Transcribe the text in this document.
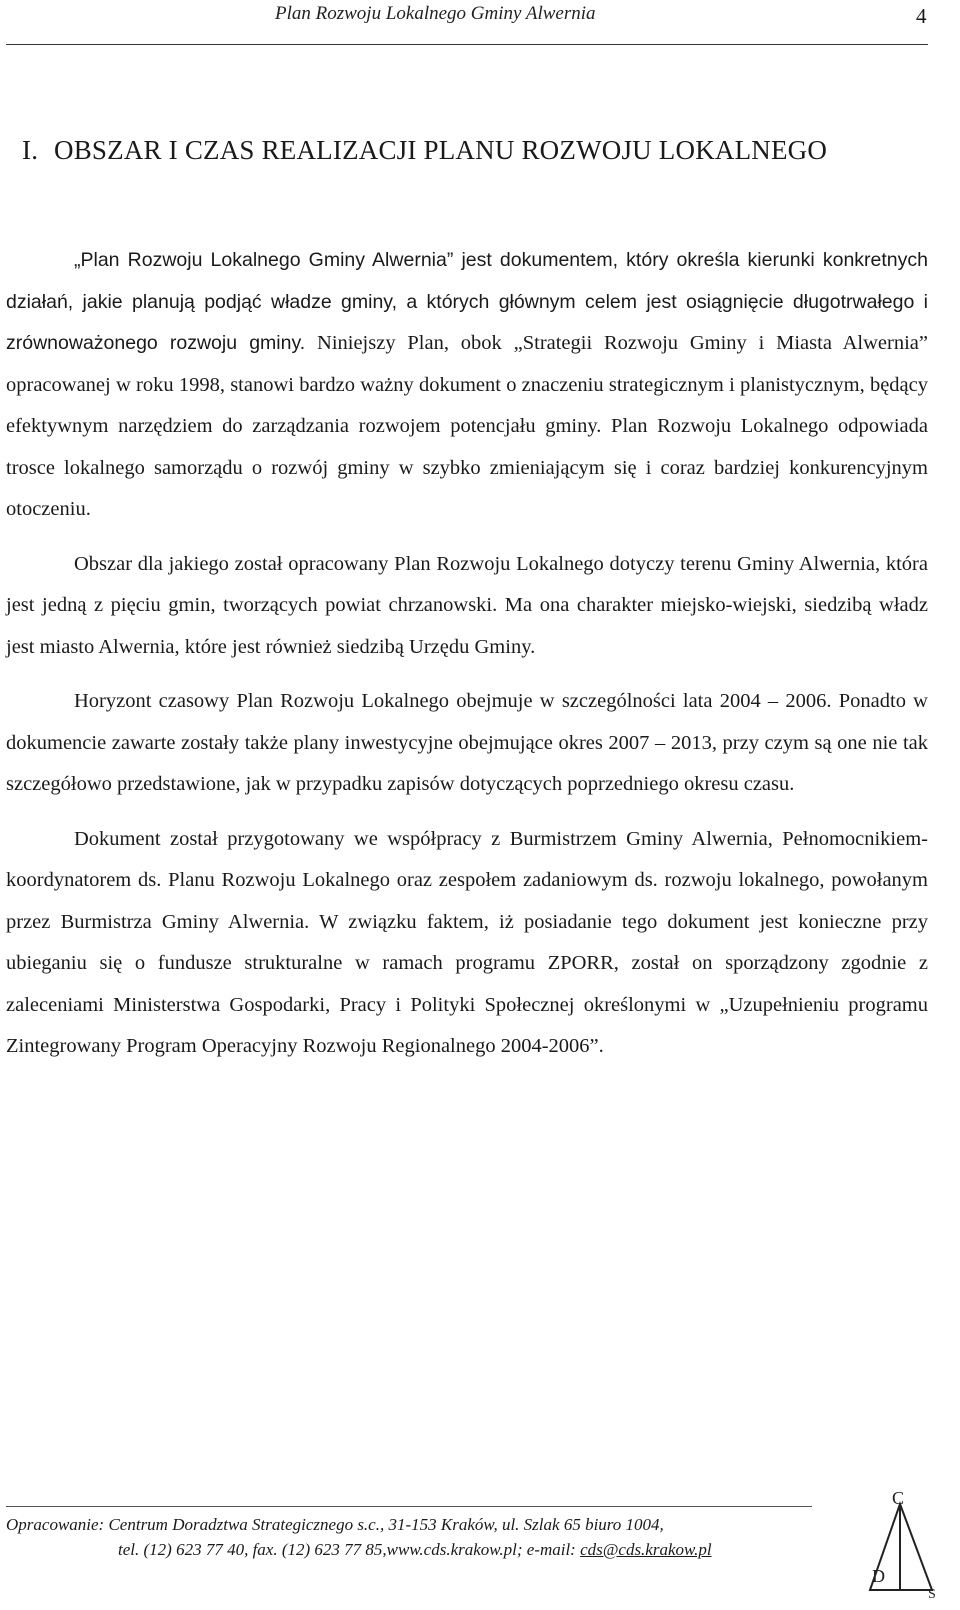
Plan Rozwoju Lokalnego Gminy Alwernia	4
I. OBSZAR I CZAS REALIZACJI PLANU ROZWOJU LOKALNEGO

„Plan Rozwoju Lokalnego Gminy Alwernia” jest dokumentem, który określa kierunki konkretnych działań, jakie planują podjąć władze gminy, a których głównym celem jest osiągnięcie długotrwałego i zrównoważonego rozwoju gminy. Niniejszy Plan, obok „Strategii Rozwoju Gminy i Miasta Alwernia” opracowanej w roku 1998, stanowi bardzo ważny dokument o znaczeniu strategicznym i planistycznym, będący efektywnym narzędziem do zarządzania rozwojem potencjału gminy. Plan Rozwoju Lokalnego odpowiada trosce lokalnego samorządu o rozwój gminy w szybko zmieniającym się i coraz bardziej konkurencyjnym otoczeniu.

Obszar dla jakiego został opracowany Plan Rozwoju Lokalnego dotyczy terenu Gminy Alwernia, która jest jedną z pięciu gmin, tworzących powiat chrzanowski. Ma ona charakter miejsko-wiejski, siedzibą władz jest miasto Alwernia, które jest również siedzibą Urzędu Gminy.

Horyzont czasowy Plan Rozwoju Lokalnego obejmuje w szczególności lata 2004 – 2006. Ponadto w dokumencie zawarte zostały także plany inwestycyjne obejmujące okres 2007 – 2013, przy czym są one nie tak szczegółowo przedstawione, jak w przypadku zapisów dotyczących poprzedniego okresu czasu.

Dokument został przygotowany we współpracy z Burmistrzem Gminy Alwernia, Pełnomocnikiem-koordynatorem ds. Planu Rozwoju Lokalnego oraz zespołem zadaniowym ds. rozwoju lokalnego, powołanym przez Burmistrza Gminy Alwernia. W związku faktem, iż posiadanie tego dokument jest konieczne przy ubieganiu się o fundusze strukturalne w ramach programu ZPORR, został on sporządzony zgodnie z zaleceniami Ministerstwa Gospodarki, Pracy i Polityki Społecznej określonymi w „Uzupełnieniu programu Zintegrowany Program Operacyjny Rozwoju Regionalnego 2004-2006”.

Opracowanie: Centrum Doradztwa Strategicznego s.c., 31-153 Kraków, ul. Szlak 65 biuro 1004,
tel. (12) 623 77 40, fax. (12) 623 77 85,www.cds.krakow.pl; e-mail: cds@cds.krakow.pl
C
D
S
